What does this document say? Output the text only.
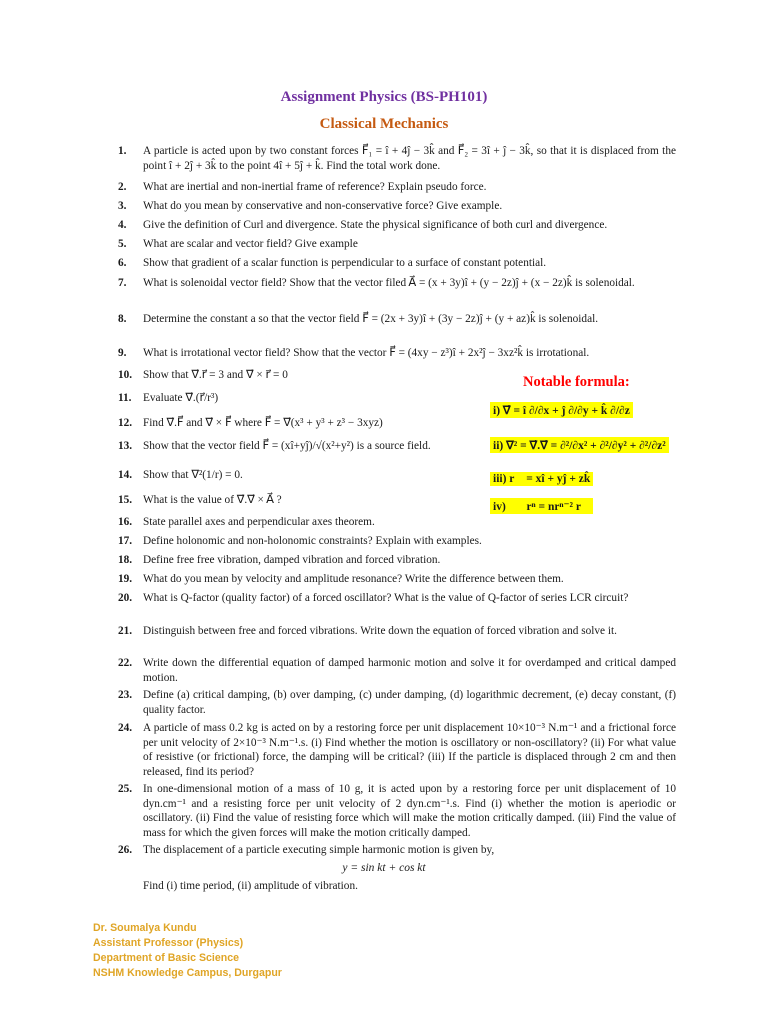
Assignment Physics (BS-PH101)
Classical Mechanics
1. A particle is acted upon by two constant forces F⃗₁ = î + 4ĵ − 3k̂ and F⃗₂ = 3î + ĵ − 3k̂, so that it is displaced from the point î + 2ĵ + 3k̂ to the point 4î + 5ĵ + k̂. Find the total work done.
2. What are inertial and non-inertial frame of reference? Explain pseudo force.
3. What do you mean by conservative and non-conservative force? Give example.
4. Give the definition of Curl and divergence. State the physical significance of both curl and divergence.
5. What are scalar and vector field? Give example
6. Show that gradient of a scalar function is perpendicular to a surface of constant potential.
7. What is solenoidal vector field? Show that the vector filed A⃗ = (x + 3y)î + (y − 2z)ĵ + (x − 2z)k̂ is solenoidal.
8. Determine the constant a so that the vector field F⃗ = (2x + 3y)î + (3y − 2z)ĵ + (y + az)k̂ is solenoidal.
9. What is irrotational vector field? Show that the vector F⃗ = (4xy − z³)î + 2x²ĵ − 3xz²k̂ is irrotational.
10. Show that ∇⃗.r⃗ = 3 and ∇⃗ × r⃗ = 0
11. Evaluate ∇⃗.(r⃗/r³)
12. Find ∇⃗.F⃗ and ∇⃗ × F⃗ where F⃗ = ∇⃗(x³ + y³ + z³ − 3xyz)
13. Show that the vector field F⃗ = (xî+yĵ)/√(x²+y²) is a source field.
14. Show that ∇²(1/r) = 0.
15. What is the value of ∇⃗.∇⃗ × A⃗ ?
16. State parallel axes and perpendicular axes theorem.
17. Define holonomic and non-holonomic constraints? Explain with examples.
18. Define free free vibration, damped vibration and forced vibration.
19. What do you mean by velocity and amplitude resonance? Write the difference between them.
20. What is Q-factor (quality factor) of a forced oscillator? What is the value of Q-factor of series LCR circuit?
21. Distinguish between free and forced vibrations. Write down the equation of forced vibration and solve it.
22. Write down the differential equation of damped harmonic motion and solve it for overdamped and critical damped motion.
23. Define (a) critical damping, (b) over damping, (c) under damping, (d) logarithmic decrement, (e) decay constant, (f) quality factor.
24. A particle of mass 0.2 kg is acted on by a restoring force per unit displacement 10×10⁻³ N.m⁻¹ and a frictional force per unit velocity of 2×10⁻³ N.m⁻¹.s. (i) Find whether the motion is oscillatory or non-oscillatory? (ii) For what value of resistive (or frictional) force, the damping will be critical? (iii) If the particle is displaced through 2 cm and then released, find its period?
25. In one-dimensional motion of a mass of 10 g, it is acted upon by a restoring force per unit displacement of 10 dyn.cm⁻¹ and a resisting force per unit velocity of 2 dyn.cm⁻¹.s. Find (i) whether the motion is aperiodic or oscillatory. (ii) Find the value of resisting force which will make the motion critically damped. (iii) Find the value of mass for which the given forces will make the motion critically damped.
26. The displacement of a particle executing simple harmonic motion is given by,
y = sin kt + cos kt
Find (i) time period, (ii) amplitude of vibration.
Notable formula:
i) ∇⃗ = î ∂/∂x + ĵ ∂/∂y + k̂ ∂/∂z
ii) ∇² = ∇⃗.∇⃗ = ∂²/∂x² + ∂²/∂y² + ∂²/∂z²
iii) r⃗ = xî + yĵ + zk̂
iv) ∇⃗rⁿ = nrⁿ⁻² r⃗
Dr. Soumalya Kundu
Assistant Professor (Physics)
Department of Basic Science
NSHM Knowledge Campus, Durgapur
